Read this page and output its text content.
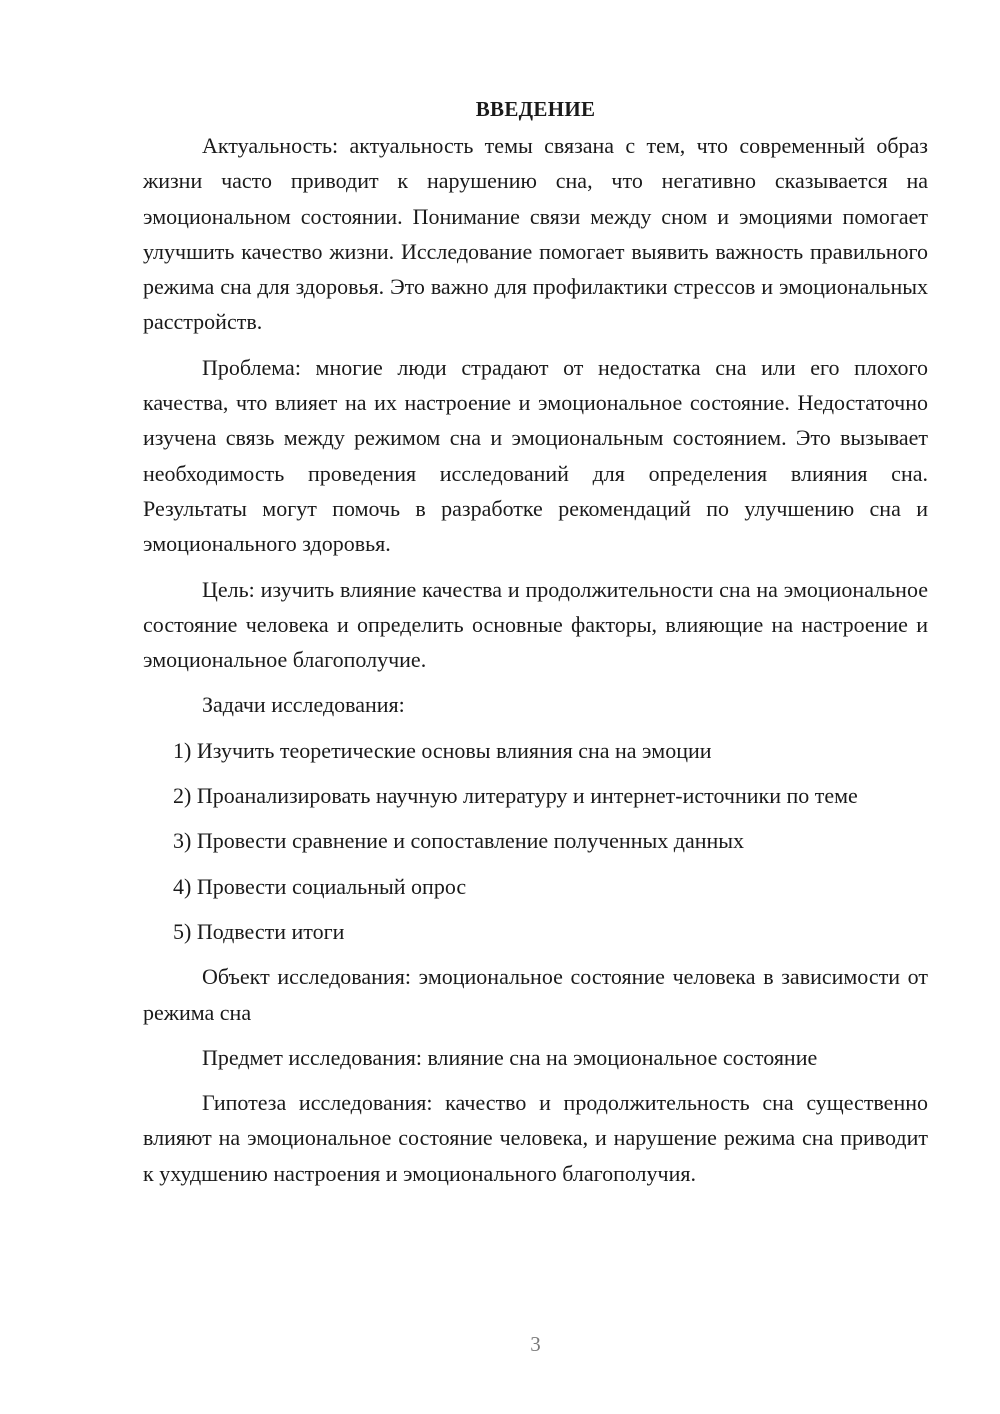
ВВЕДЕНИЕ

Актуальность: актуальность темы связана с тем, что современный образ жизни часто приводит к нарушению сна, что негативно сказывается на эмоциональном состоянии. Понимание связи между сном и эмоциями помогает улучшить качество жизни. Исследование помогает выявить важность правильного режима сна для здоровья. Это важно для профилактики стрессов и эмоциональных расстройств.

Проблема: многие люди страдают от недостатка сна или его плохого качества, что влияет на их настроение и эмоциональное состояние. Недостаточно изучена связь между режимом сна и эмоциональным состоянием. Это вызывает необходимость проведения исследований для определения влияния сна. Результаты могут помочь в разработке рекомендаций по улучшению сна и эмоционального здоровья.

Цель: изучить влияние качества и продолжительности сна на эмоциональное состояние человека и определить основные факторы, влияющие на настроение и эмоциональное благополучие.

Задачи исследования:

1) Изучить теоретические основы влияния сна на эмоции

2) Проанализировать научную литературу и интернет-источники по теме

3) Провести сравнение и сопоставление полученных данных

4) Провести социальный опрос

5) Подвести итоги

Объект исследования: эмоциональное состояние человека в зависимости от режима сна

Предмет исследования: влияние сна на эмоциональное состояние

Гипотеза исследования: качество и продолжительность сна существенно влияют на эмоциональное состояние человека, и нарушение режима сна приводит к ухудшению настроения и эмоционального благополучия.

3
